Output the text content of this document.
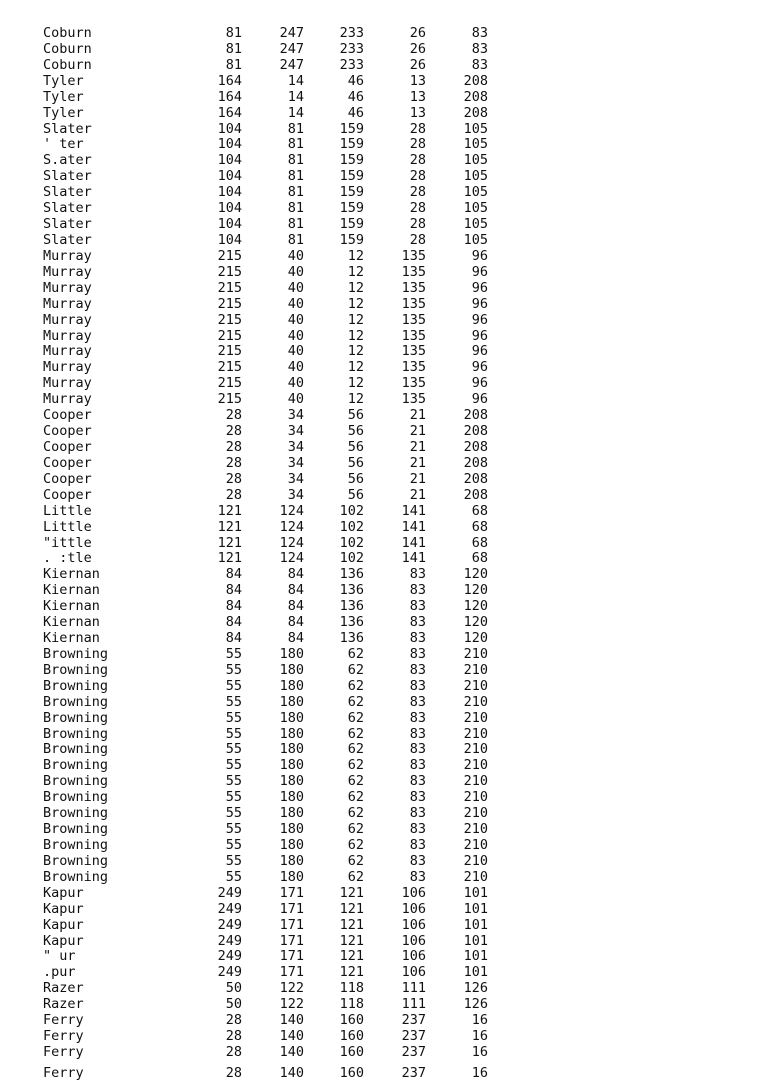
Coburn	81	247	233	26	83
Coburn	81	247	233	26	83
Coburn	81	247	233	26	83
Tyler	164	14	46	13	208
Tyler	164	14	46	13	208
Tyler	164	14	46	13	208
Slater	104	81	159	28	105
' ter	104	81	159	28	105
S.ater	104	81	159	28	105
Slater	104	81	159	28	105
Slater	104	81	159	28	105
Slater	104	81	159	28	105
Slater	104	81	159	28	105
Slater	104	81	159	28	105
Murray	215	40	12	135	96
Murray	215	40	12	135	96
Murray	215	40	12	135	96
Murray	215	40	12	135	96
Murray	215	40	12	135	96
Murray	215	40	12	135	96
Murray	215	40	12	135	96
Murray	215	40	12	135	96
Murray	215	40	12	135	96
Murray	215	40	12	135	96
Cooper	28	34	56	21	208
Cooper	28	34	56	21	208
Cooper	28	34	56	21	208
Cooper	28	34	56	21	208
Cooper	28	34	56	21	208
Cooper	28	34	56	21	208
Little	121	124	102	141	68
Little	121	124	102	141	68
"ittle	121	124	102	141	68
. :tle	121	124	102	141	68
Kiernan	84	84	136	83	120
Kiernan	84	84	136	83	120
Kiernan	84	84	136	83	120
Kiernan	84	84	136	83	120
Kiernan	84	84	136	83	120
Browning	55	180	62	83	210
Browning	55	180	62	83	210
Browning	55	180	62	83	210
Browning	55	180	62	83	210
Browning	55	180	62	83	210
Browning	55	180	62	83	210
Browning	55	180	62	83	210
Browning	55	180	62	83	210
Browning	55	180	62	83	210
Browning	55	180	62	83	210
Browning	55	180	62	83	210
Browning	55	180	62	83	210
Browning	55	180	62	83	210
Browning	55	180	62	83	210
Browning	55	180	62	83	210
Kapur	249	171	121	106	101
Kapur	249	171	121	106	101
Kapur	249	171	121	106	101
Kapur	249	171	121	106	101
" ur	249	171	121	106	101
.pur	249	171	121	106	101
Razer	50	122	118	111	126
Razer	50	122	118	111	126
Ferry	28	140	160	237	16
Ferry	28	140	160	237	16
Ferry	28	140	160	237	16
Ferry	28	140	160	237	16
